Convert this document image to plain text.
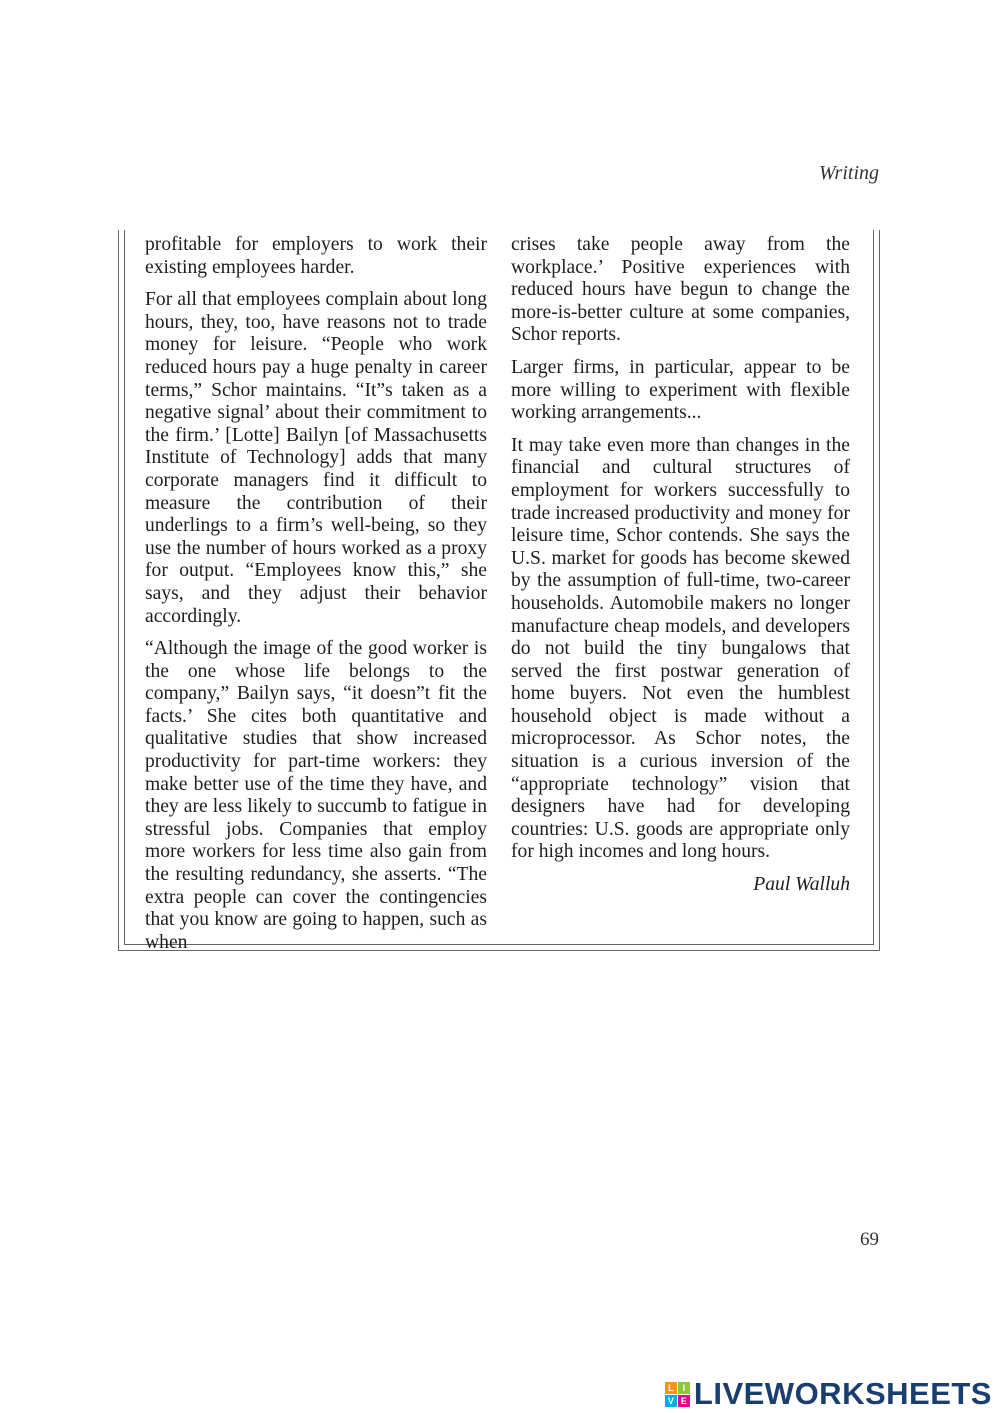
Writing

profitable for employers to work their existing employees harder.

For all that employees complain about long hours, they, too, have reasons not to trade money for leisure. “People who work reduced hours pay a huge penalty in career terms,” Schor maintains. “It”s taken as a negative signal’ about their commitment to the firm.’ [Lotte] Bailyn [of Massachusetts Institute of Technology] adds that many corporate managers find it difficult to measure the contribution of their underlings to a firm’s well-being, so they use the number of hours worked as a proxy for output. “Employees know this,” she says, and they adjust their behavior accordingly.

“Although the image of the good worker is the one whose life belongs to the company,” Bailyn says, “it doesn”t fit the facts.’ She cites both quantitative and qualitative studies that show increased productivity for part-time workers: they make better use of the time they have, and they are less likely to succumb to fatigue in stressful jobs. Companies that employ more workers for less time also gain from the resulting redundancy, she asserts. “The extra people can cover the contingencies that you know are going to happen, such as when

crises take people away from the workplace.’ Positive experiences with reduced hours have begun to change the more-is-better culture at some companies, Schor reports.

Larger firms, in particular, appear to be more willing to experiment with flexible working arrangements...

It may take even more than changes in the financial and cultural structures of employment for workers successfully to trade increased productivity and money for leisure time, Schor contends. She says the U.S. market for goods has become skewed by the assumption of full-time, two-career households. Automobile makers no longer manufacture cheap models, and developers do not build the tiny bungalows that served the first postwar generation of home buyers. Not even the humblest household object is made without a microprocessor. As Schor notes, the situation is a curious inversion of the “appropriate technology” vision that designers have had for developing countries: U.S. goods are appropriate only for high incomes and long hours.

Paul Walluh
69
L I
V E LIVEWORKSHEETS
